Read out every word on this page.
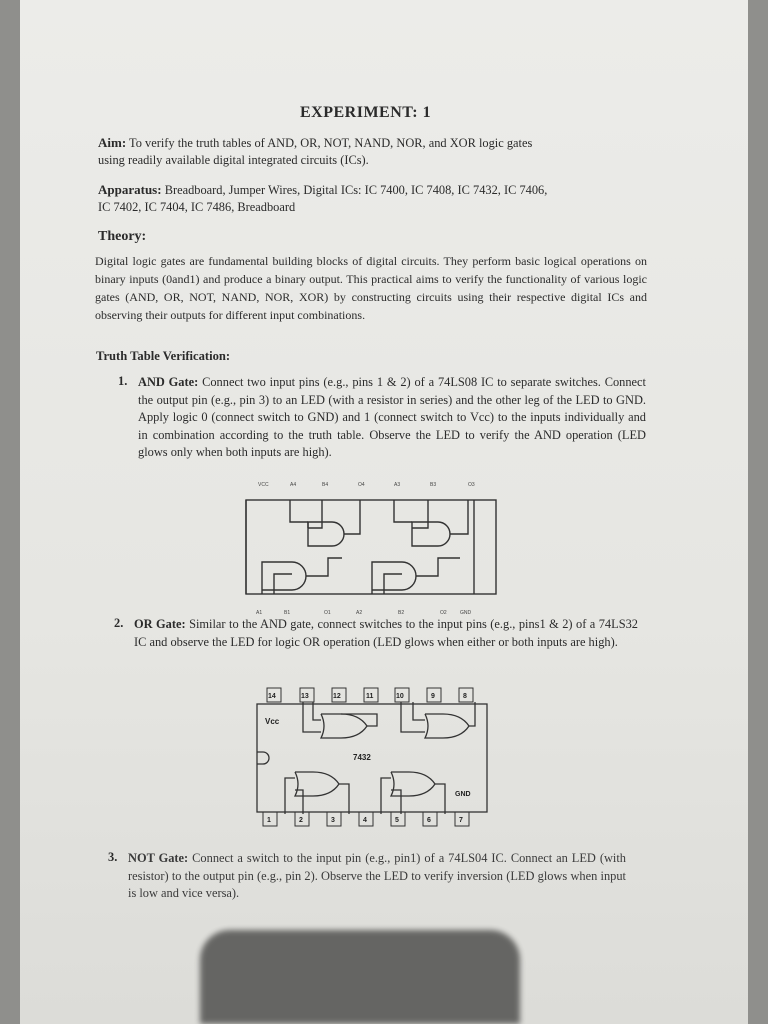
EXPERIMENT: 1
Aim: To verify the truth tables of AND, OR, NOT, NAND, NOR, and XOR logic gates
using readily available digital integrated circuits (ICs).
Apparatus: Breadboard, Jumper Wires, Digital ICs: IC 7400, IC 7408, IC 7432, IC 7406,
IC 7402, IC 7404, IC 7486, Breadboard
Theory:
Digital logic gates are fundamental building blocks of digital circuits. They perform basic logical operations on binary inputs (0and1) and produce a binary output. This practical aims to verify the functionality of various logic gates (AND, OR, NOT, NAND, NOR, XOR) by constructing circuits using their respective digital ICs and observing their outputs for different input combinations.
Truth Table Verification:
1. AND Gate: Connect two input pins (e.g., pins 1 & 2) of a 74LS08 IC to separate switches. Connect the output pin (e.g., pin 3) to an LED (with a resistor in series) and the other leg of the LED to GND. Apply logic 0 (connect switch to GND) and 1 (connect switch to Vcc) to the inputs individually and in combination according to the truth table. Observe the LED to verify the AND operation (LED glows only when both inputs are high).
VCC	A4	B4	O4	A3	B3	O3
A1	B1	O1	A2	B2	O2	GND
2. OR Gate: Similar to the AND gate, connect switches to the input pins (e.g., pins1 & 2) of a 74LS32 IC and observe the LED for logic OR operation (LED glows when either or both inputs are high).
14	13	12	11	10	9	8
1	2	3	4	5	6	7
Vcc
7432
GND
3. NOT Gate: Connect a switch to the input pin (e.g., pin1) of a 74LS04 IC. Connect an LED (with resistor) to the output pin (e.g., pin 2). Observe the LED to verify inversion (LED glows when input is low and vice versa).
